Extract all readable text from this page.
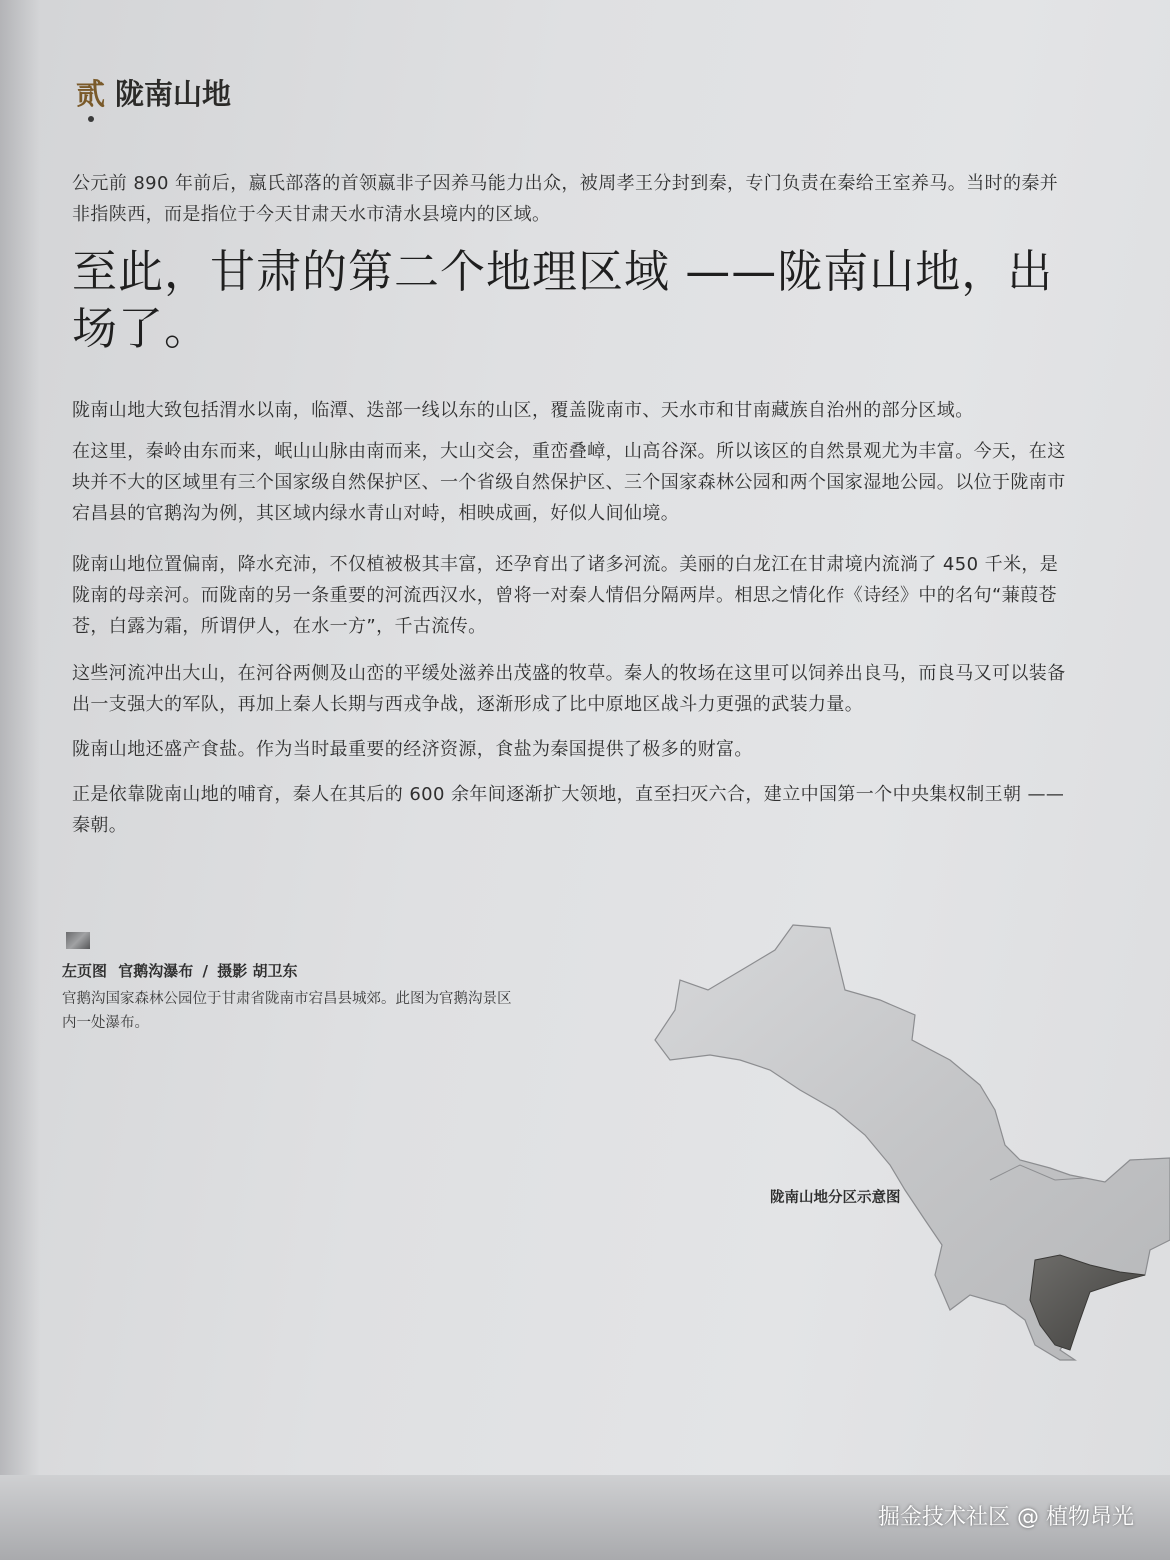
贰 陇南山地

公元前 890 年前后，嬴氏部落的首领嬴非子因养马能力出众，被周孝王分封到秦，专门负责在秦给王室养马。当时的秦并非指陕西，而是指位于今天甘肃天水市清水县境内的区域。

至此，甘肃的第二个地理区域 ——陇南山地，出场了。

陇南山地大致包括渭水以南，临潭、迭部一线以东的山区，覆盖陇南市、天水市和甘南藏族自治州的部分区域。

在这里，秦岭由东而来，岷山山脉由南而来，大山交会，重峦叠嶂，山高谷深。所以该区的自然景观尤为丰富。今天，在这块并不大的区域里有三个国家级自然保护区、一个省级自然保护区、三个国家森林公园和两个国家湿地公园。以位于陇南市宕昌县的官鹅沟为例，其区域内绿水青山对峙，相映成画，好似人间仙境。

陇南山地位置偏南，降水充沛，不仅植被极其丰富，还孕育出了诸多河流。美丽的白龙江在甘肃境内流淌了 450 千米，是陇南的母亲河。而陇南的另一条重要的河流西汉水，曾将一对秦人情侣分隔两岸。相思之情化作《诗经》中的名句“蒹葭苍苍，白露为霜，所谓伊人，在水一方”，千古流传。

这些河流冲出大山，在河谷两侧及山峦的平缓处滋养出茂盛的牧草。秦人的牧场在这里可以饲养出良马，而良马又可以装备出一支强大的军队，再加上秦人长期与西戎争战，逐渐形成了比中原地区战斗力更强的武装力量。

陇南山地还盛产食盐。作为当时最重要的经济资源，食盐为秦国提供了极多的财富。

正是依靠陇南山地的哺育，秦人在其后的 600 余年间逐渐扩大领地，直至扫灭六合，建立中国第一个中央集权制王朝 ——秦朝。

左页图 官鹅沟瀑布 / 摄影 胡卫东
官鹅沟国家森林公园位于甘肃省陇南市宕昌县城郊。此图为官鹅沟景区内一处瀑布。
陇南山地分区示意图
掘金技术社区 @ 植物昂光
